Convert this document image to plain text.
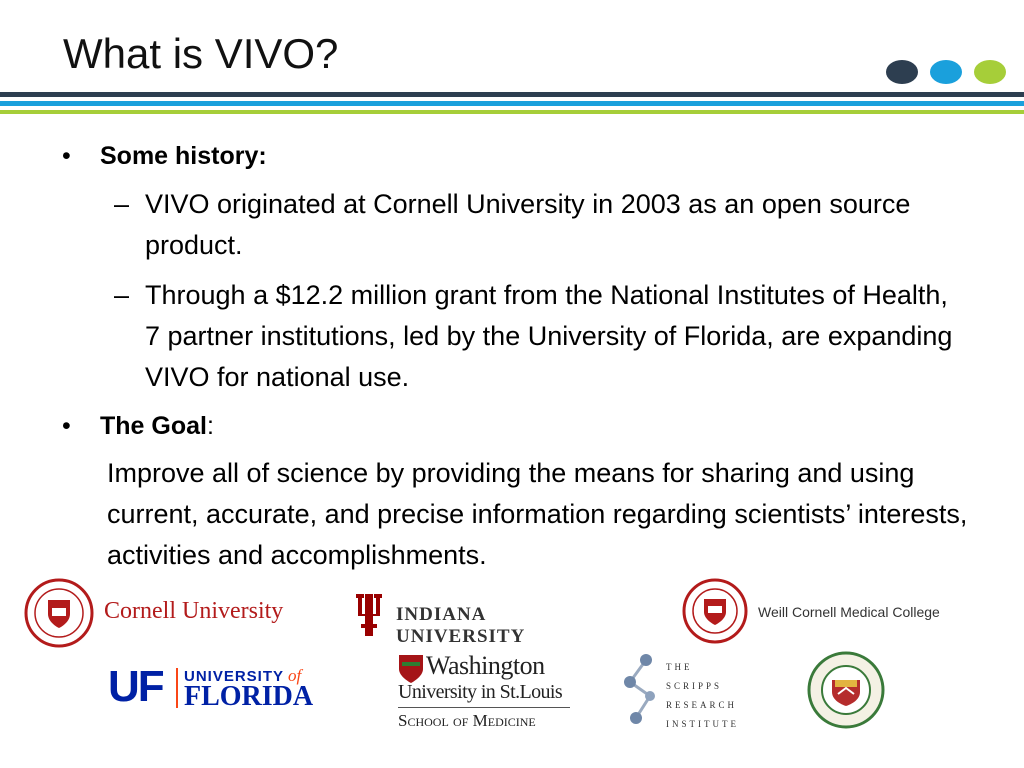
What is VIVO?
• Some history:
– VIVO originated at Cornell University in 2003 as an open source product.
– Through a $12.2 million grant from the National Institutes of Health, 7 partner institutions, led by the University of Florida, are expanding VIVO for national use.
• The Goal:
Improve all of science by providing the means for sharing and using current, accurate, and precise information regarding scientists’ interests, activities and accomplishments.
Cornell University	INDIANA UNIVERSITY
Weill Cornell Medical College
UF UNIVERSITY of
FLORIDA
Washington
University in St.Louis
School of Medicine
THE
SCRIPPS
RESEARCH
INSTITUTE
